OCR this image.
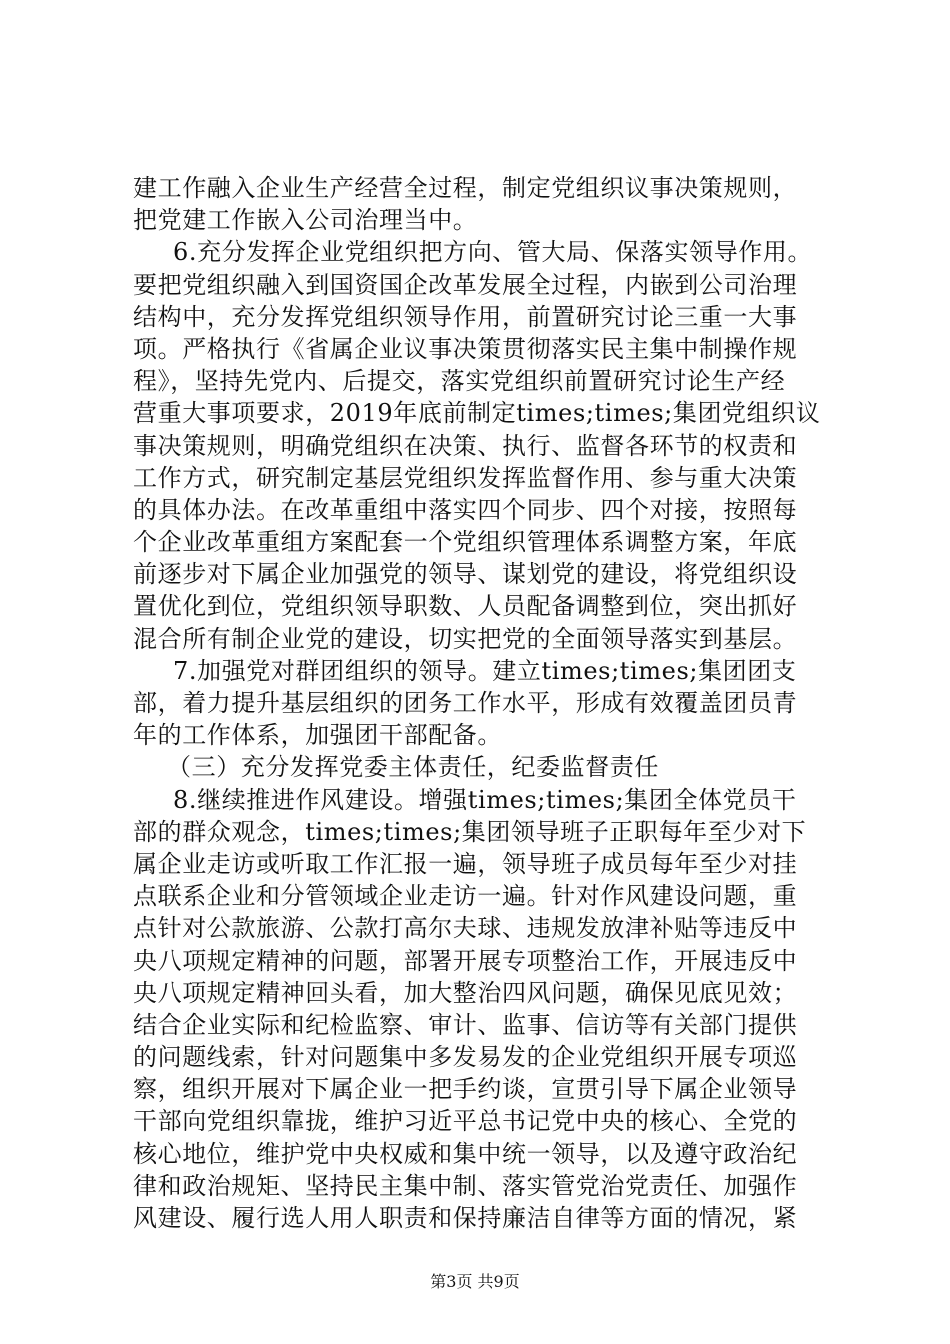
建工作融入企业生产经营全过程，制定党组织议事决策规则，
把党建工作嵌入公司治理当中。
6.充分发挥企业党组织把方向、管大局、保落实领导作用。
要把党组织融入到国资国企改革发展全过程，内嵌到公司治理
结构中，充分发挥党组织领导作用，前置研究讨论三重一大事
项。严格执行《省属企业议事决策贯彻落实民主集中制操作规
程》，坚持先党内、后提交，落实党组织前置研究讨论生产经
营重大事项要求，2019年底前制定times;times;集团党组织议
事决策规则，明确党组织在决策、执行、监督各环节的权责和
工作方式，研究制定基层党组织发挥监督作用、参与重大决策
的具体办法。在改革重组中落实四个同步、四个对接，按照每
个企业改革重组方案配套一个党组织管理体系调整方案，年底
前逐步对下属企业加强党的领导、谋划党的建设，将党组织设
置优化到位，党组织领导职数、人员配备调整到位，突出抓好
混合所有制企业党的建设，切实把党的全面领导落实到基层。
7.加强党对群团组织的领导。建立times;times;集团团支
部，着力提升基层组织的团务工作水平，形成有效覆盖团员青
年的工作体系，加强团干部配备。
（三）充分发挥党委主体责任，纪委监督责任
8.继续推进作风建设。增强times;times;集团全体党员干
部的群众观念，times;times;集团领导班子正职每年至少对下
属企业走访或听取工作汇报一遍，领导班子成员每年至少对挂
点联系企业和分管领域企业走访一遍。针对作风建设问题，重
点针对公款旅游、公款打高尔夫球、违规发放津补贴等违反中
央八项规定精神的问题，部署开展专项整治工作，开展违反中
央八项规定精神回头看，加大整治四风问题，确保见底见效；
结合企业实际和纪检监察、审计、监事、信访等有关部门提供
的问题线索，针对问题集中多发易发的企业党组织开展专项巡
察，组织开展对下属企业一把手约谈，宣贯引导下属企业领导
干部向党组织靠拢，维护习近平总书记党中央的核心、全党的
核心地位，维护党中央权威和集中统一领导，以及遵守政治纪
律和政治规矩、坚持民主集中制、落实管党治党责任、加强作
风建设、履行选人用人职责和保持廉洁自律等方面的情况，紧
第3页 共9页
